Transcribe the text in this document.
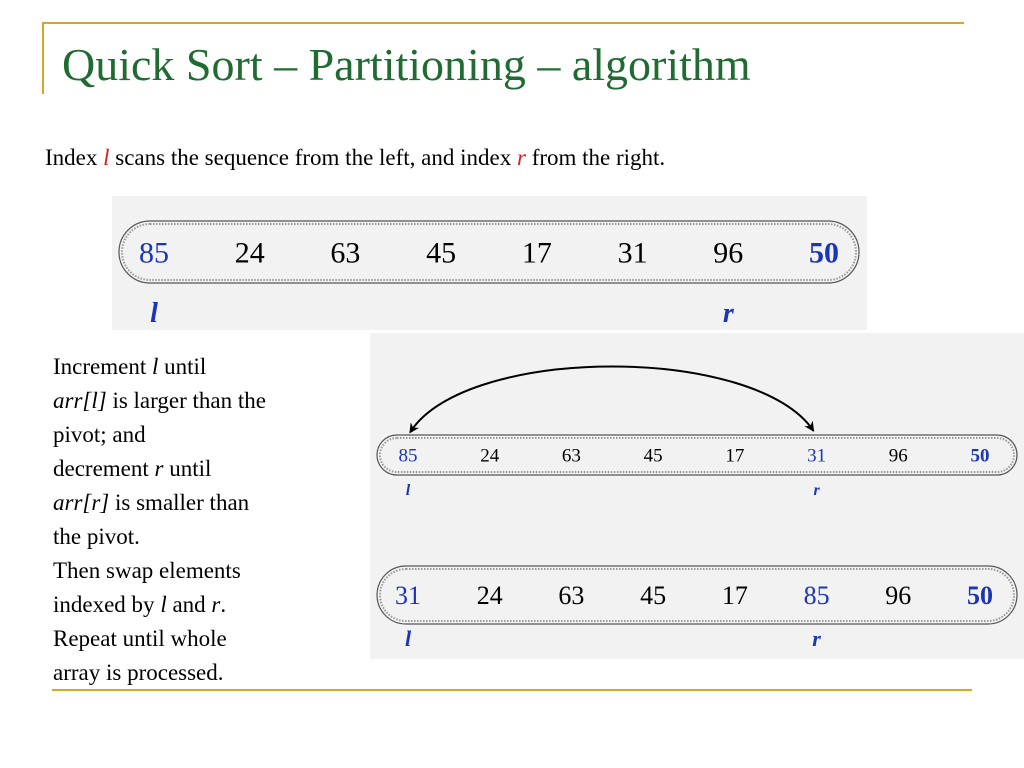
Quick Sort – Partitioning – algorithm
Index l scans the sequence from the left, and index r from the right.
85 24 63 45 17 31 96 50
l	r
Increment l until
arr[l] is larger than the
pivot; and
decrement r until
arr[r] is smaller than
the pivot.
Then swap elements
indexed by l and r.
Repeat until whole
array is processed.
85	24	63	45	17	31	96	50
l	r
31 24 63 45 17 85 96 50
l	r
